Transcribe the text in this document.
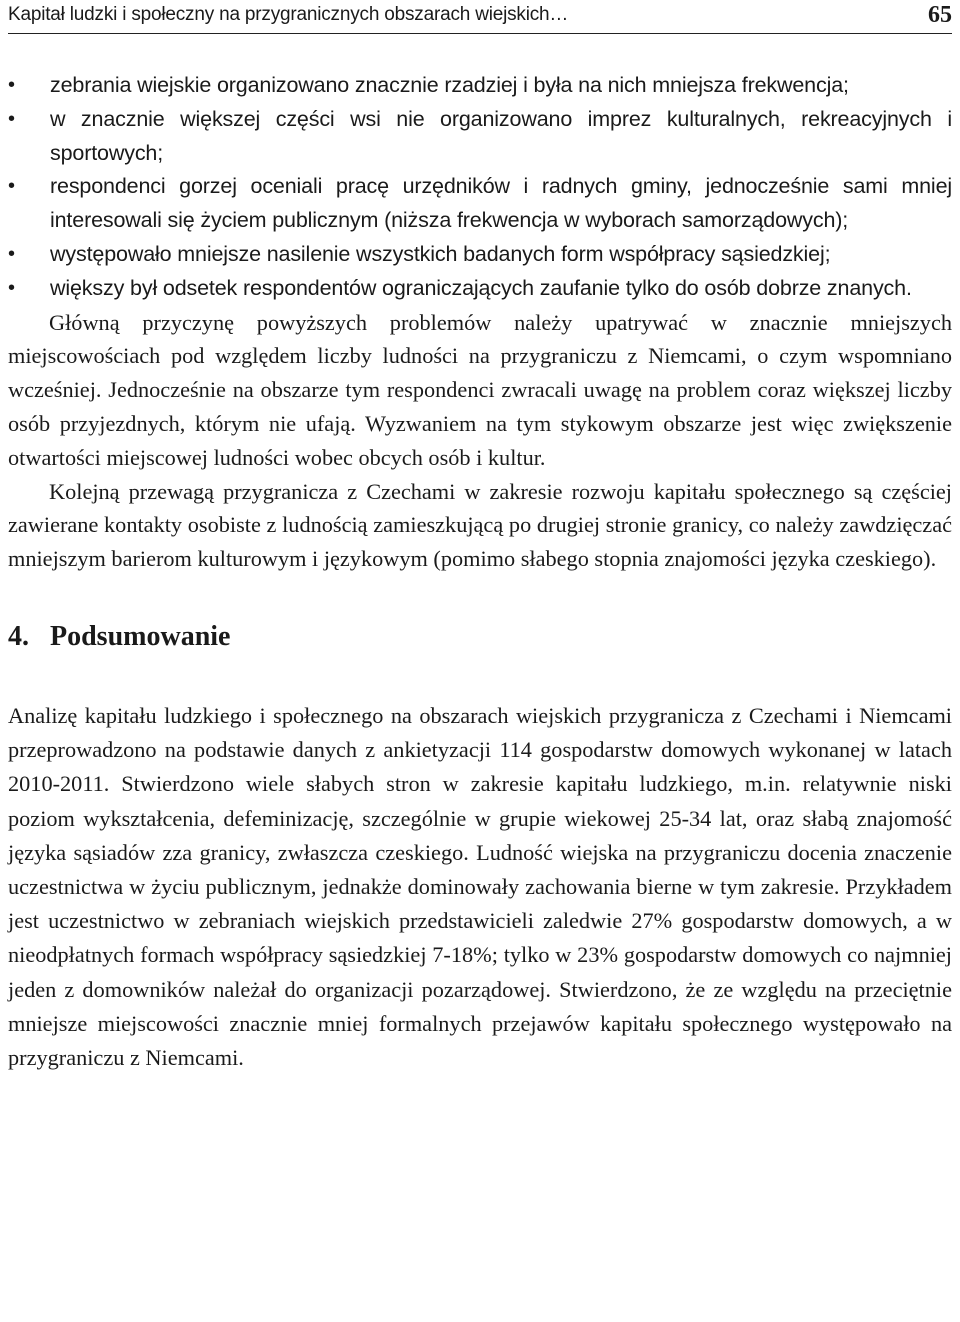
Kapitał ludzki i społeczny na przygranicznych obszarach wiejskich…	65
• zebrania wiejskie organizowano znacznie rzadziej i była na nich mniejsza frekwencja;
• w znacznie większej części wsi nie organizowano imprez kulturalnych, rekreacyjnych i sportowych;
• respondenci gorzej oceniali pracę urzędników i radnych gminy, jednocześnie sami mniej interesowali się życiem publicznym (niższa frekwencja w wyborach samorządowych);
• występowało mniejsze nasilenie wszystkich badanych form współpracy sąsiedzkiej;
• większy był odsetek respondentów ograniczających zaufanie tylko do osób dobrze znanych.

Główną przyczynę powyższych problemów należy upatrywać w znacznie mniejszych miejscowościach pod względem liczby ludności na przygraniczu z Niemcami, o czym wspomniano wcześniej. Jednocześnie na obszarze tym respondenci zwracali uwagę na problem coraz większej liczby osób przyjezdnych, którym nie ufają. Wyzwaniem na tym stykowym obszarze jest więc zwiększenie otwartości miejscowej ludności wobec obcych osób i kultur.

Kolejną przewagą przygranicza z Czechami w zakresie rozwoju kapitału społecznego są częściej zawierane kontakty osobiste z ludnością zamieszkującą po drugiej stronie granicy, co należy zawdzięczać mniejszym barierom kulturowym i językowym (pomimo słabego stopnia znajomości języka czeskiego).

4. Podsumowanie

Analizę kapitału ludzkiego i społecznego na obszarach wiejskich przygranicza z Czechami i Niemcami przeprowadzono na podstawie danych z ankietyzacji 114 gospodarstw domowych wykonanej w latach 2010-2011. Stwierdzono wiele słabych stron w zakresie kapitału ludzkiego, m.in. relatywnie niski poziom wykształcenia, defeminizację, szczególnie w grupie wiekowej 25-34 lat, oraz słabą znajomość języka sąsiadów zza granicy, zwłaszcza czeskiego. Ludność wiejska na przygraniczu docenia znaczenie uczestnictwa w życiu publicznym, jednakże dominowały zachowania bierne w tym zakresie. Przykładem jest uczestnictwo w zebraniach wiejskich przedstawicieli zaledwie 27% gospodarstw domowych, a w nieodpłatnych formach współpracy sąsiedzkiej 7-18%; tylko w 23% gospodarstw domowych co najmniej jeden z domowników należał do organizacji pozarządowej. Stwierdzono, że ze względu na przeciętnie mniejsze miejscowości znacznie mniej formalnych przejawów kapitału społecznego występowało na przygraniczu z Niemcami.
